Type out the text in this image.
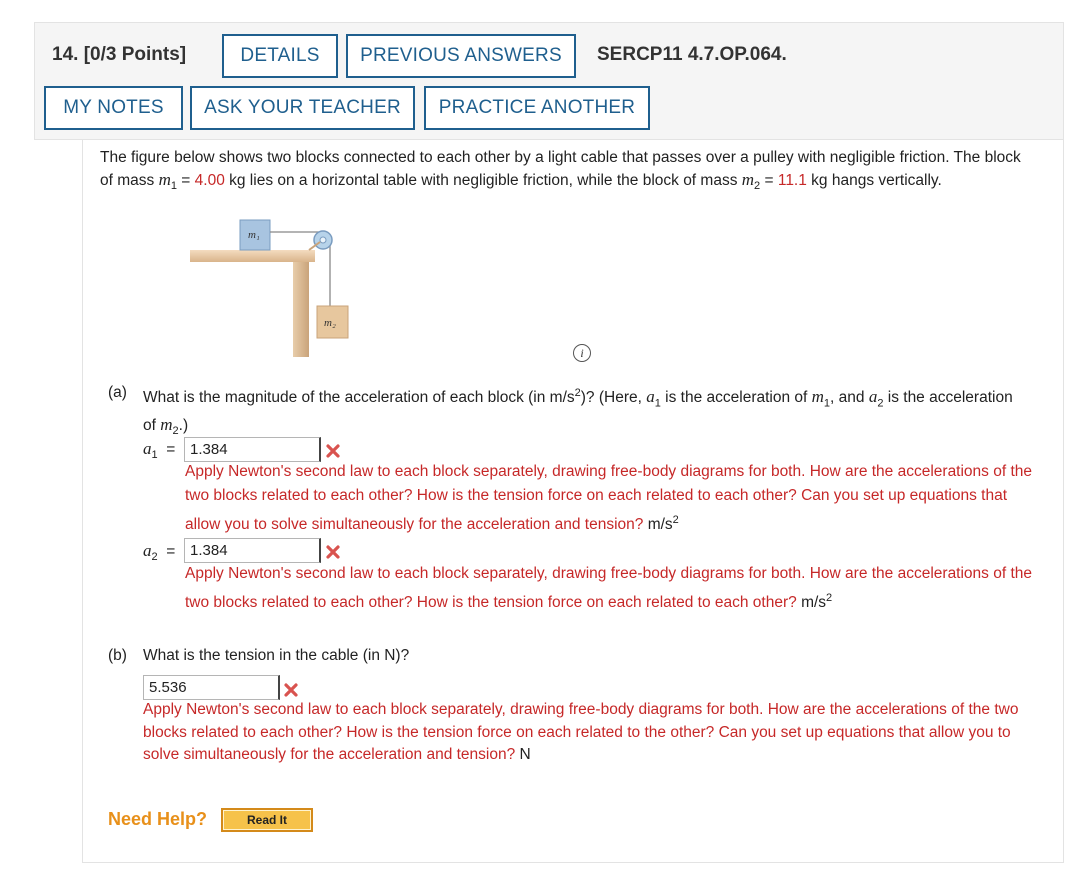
14. [0/3 Points]	DETAILS	PREVIOUS ANSWERS	SERCP11 4.7.OP.064.
MY NOTES	ASK YOUR TEACHER	PRACTICE ANOTHER
The figure below shows two blocks connected to each other by a light cable that passes over a pulley with negligible friction. The block
of mass $m_1 = 4.00$ kg lies on a horizontal table with negligible friction, while the block of mass $m_2 = 11.1$ kg hangs vertically.
m₁
m₂
i
(a) What is the magnitude of the acceleration of each block (in $m/s^2$)? (Here, $a_1$ is the acceleration of $m_1$, and $a_2$ is the acceleration
of $m_2$.)
$a_1$  =
1.384
Apply Newton's second law to each block separately, drawing free-body diagrams for both. How are the accelerations of the
two blocks related to each other? How is the tension force on each related to each other? Can you set up equations that
allow you to solve simultaneously for the acceleration and tension? $m/s^2$
$a_2$  =
1.384
Apply Newton's second law to each block separately, drawing free-body diagrams for both. How are the accelerations of the
two blocks related to each other? How is the tension force on each related to each other? $m/s^2$
(b) What is the tension in the cable (in N)?
5.536
Apply Newton's second law to each block separately, drawing free-body diagrams for both. How are the accelerations of the two
blocks related to each other? How is the tension force on each related to the other? Can you set up equations that allow you to
solve simultaneously for the acceleration and tension? N
Need Help?	Read It
